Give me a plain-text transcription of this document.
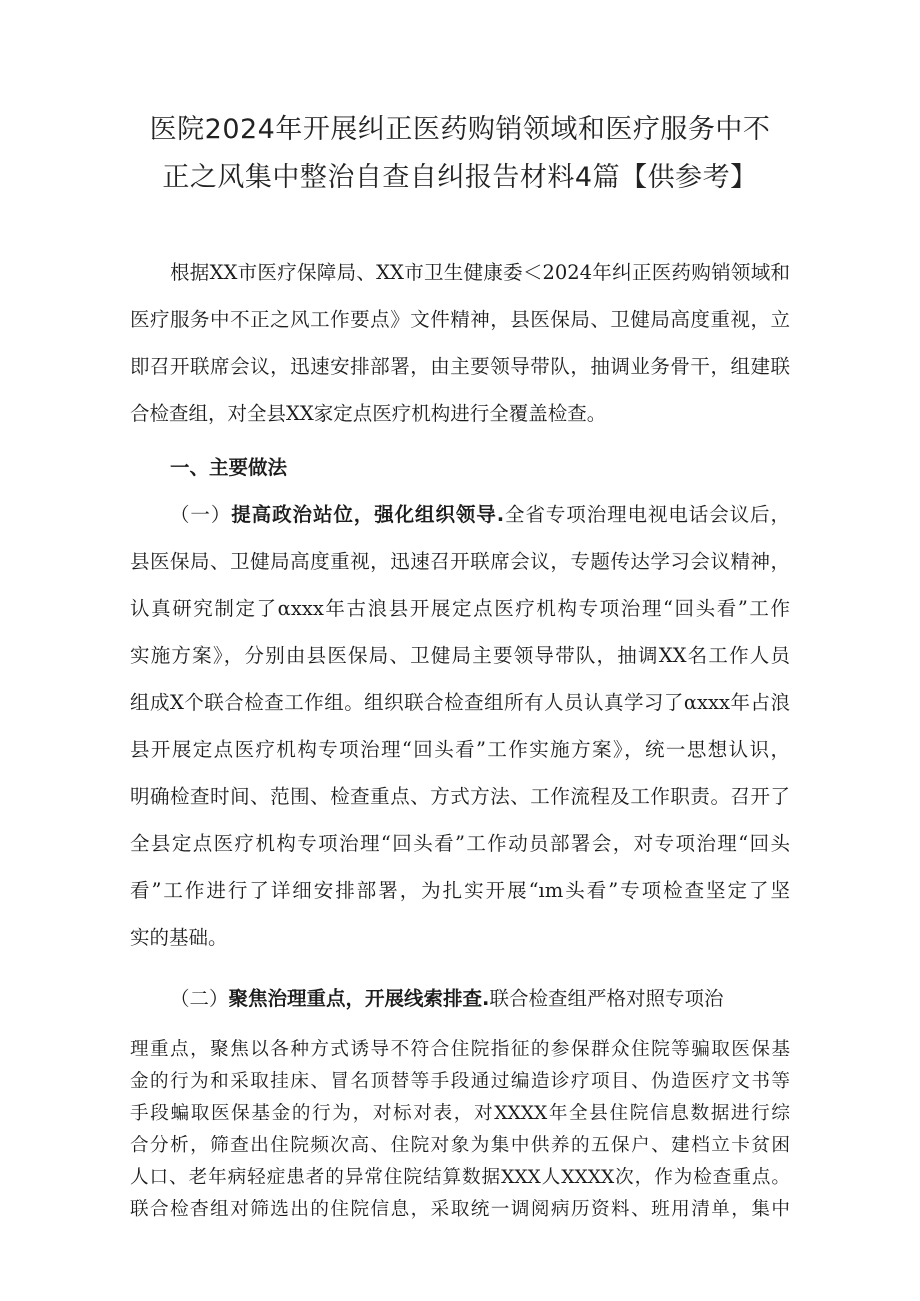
医院2024年开展纠正医药购销领域和医疗服务中不
正之风集中整治自查自纠报告材料4篇【供参考】
根据XX市医疗保障局、XX市卫生健康委＜2024年纠正医药购销领域和
医疗服务中不正之风工作要点》文件精神，县医保局、卫健局高度重视，立
即召开联席会议，迅速安排部署，由主要领导带队，抽调业务骨干，组建联
合检查组，对全县XX家定点医疗机构进行全覆盖检查。
一、主要做法
（一）提高政治站位，强化组织领导.全省专项治理电视电话会议后，
县医保局、卫健局高度重视，迅速召开联席会议，专题传达学习会议精神，
认真研究制定了αxxx年古浪县开展定点医疗机构专项治理“回头看”工作
实施方案》，分别由县医保局、卫健局主要领导带队，抽调XX名工作人员
组成X个联合检查工作组。组织联合检查组所有人员认真学习了αxxx年占浪
县开展定点医疗机构专项治理“回头看”工作实施方案》，统一思想认识，
明确检查时间、范围、检查重点、方式方法、工作流程及工作职责。召开了
全县定点医疗机构专项治理“回头看”工作动员部署会，对专项治理“回头
看”工作进行了详细安排部署，为扎实开展“ım头看”专项检查坚定了坚
实的基础。
（二）聚焦治理重点，开展线索排查.联合检查组严格对照专项治
理重点，聚焦以各种方式诱导不符合住院指征的参保群众住院等骗取医保基
金的行为和采取挂床、冒名顶替等手段通过编造诊疗项目、伪造医疗文书等
手段蝙取医保基金的行为，对标对表，对XXXX年全县住院信息数据进行综
合分析，筛查出住院频次高、住院对象为集中供养的五保户、建档立卡贫困
人口、老年病轻症患者的异常住院结算数据XXX人XXXX次，作为检查重点。
联合检杳组对筛选出的住院信息，采取统一调阅病历资料、班用清单，集中
